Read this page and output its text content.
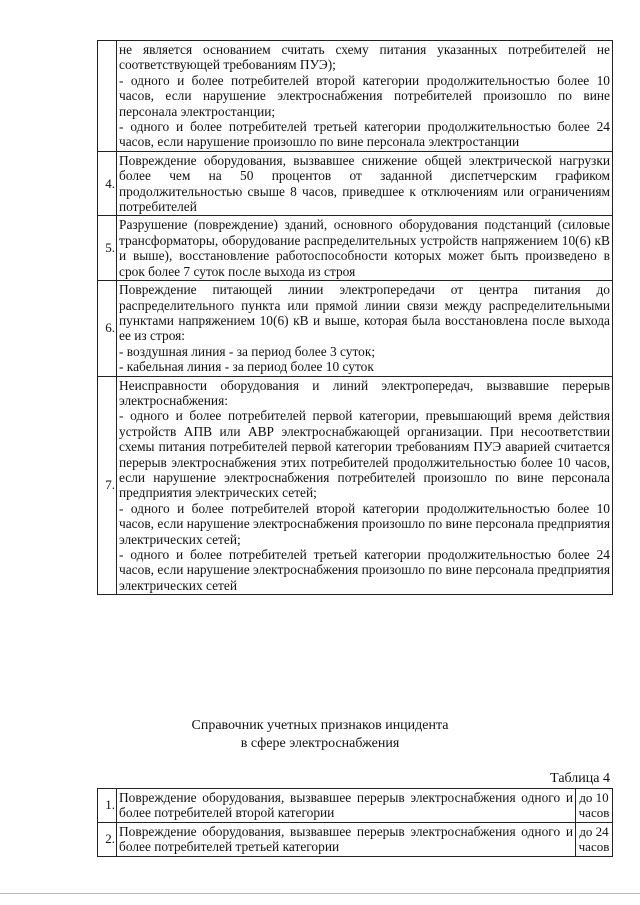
	не является основанием считать схему питания указанных потребителей не соответствующей требованиям ПУЭ);

- одного и более потребителей второй категории продолжительностью более 10 часов, если нарушение электроснабжения потребителей произошло по вине персонала электростанции;

- одного и более потребителей третьей категории продолжительностью более 24 часов, если нарушение произошло по вине персонала электростанции

4.	Повреждение оборудования, вызвавшее снижение общей электрической нагрузки более чем на 50 процентов от заданной диспетчерским графиком продолжительностью свыше 8 часов, приведшее к отключениям или ограничениям потребителей

5.	Разрушение (повреждение) зданий, основного оборудования подстанций (силовые трансформаторы, оборудование распределительных устройств напряжением 10(6) кВ и выше), восстановление работоспособности которых может быть произведено в срок более 7 суток после выхода из строя

6.	Повреждение питающей линии электропередачи от центра питания до распределительного пункта или прямой линии связи между распределительными пунктами напряжением 10(6) кВ и выше, которая была восстановлена после выхода ее из строя:

- воздушная линия - за период более 3 суток;

- кабельная линия - за период более 10 суток

7.	Неисправности оборудования и линий электропередач, вызвавшие перерыв электроснабжения:

- одного и более потребителей первой категории, превышающий время действия устройств АПВ или АВР электроснабжающей организации. При несоответствии схемы питания потребителей первой категории требованиям ПУЭ аварией считается перерыв электроснабжения этих потребителей продолжительностью более 10 часов, если нарушение электроснабжения потребителей произошло по вине персонала предприятия электрических сетей;

- одного и более потребителей второй категории продолжительностью более 10 часов, если нарушение электроснабжения произошло по вине персонала предприятия электрических сетей;

- одного и более потребителей третьей категории продолжительностью более 24 часов, если нарушение электроснабжения произошло по вине персонала предприятия электрических сетей

Справочник учетных признаков инцидента
в сфере электроснабжения
Таблица 4
1.	Повреждение оборудования, вызвавшее перерыв электроснабжения одного и более потребителей второй категории	до 10 часов
2.	Повреждение оборудования, вызвавшее перерыв электроснабжения одного и более потребителей третьей категории	до 24 часов
